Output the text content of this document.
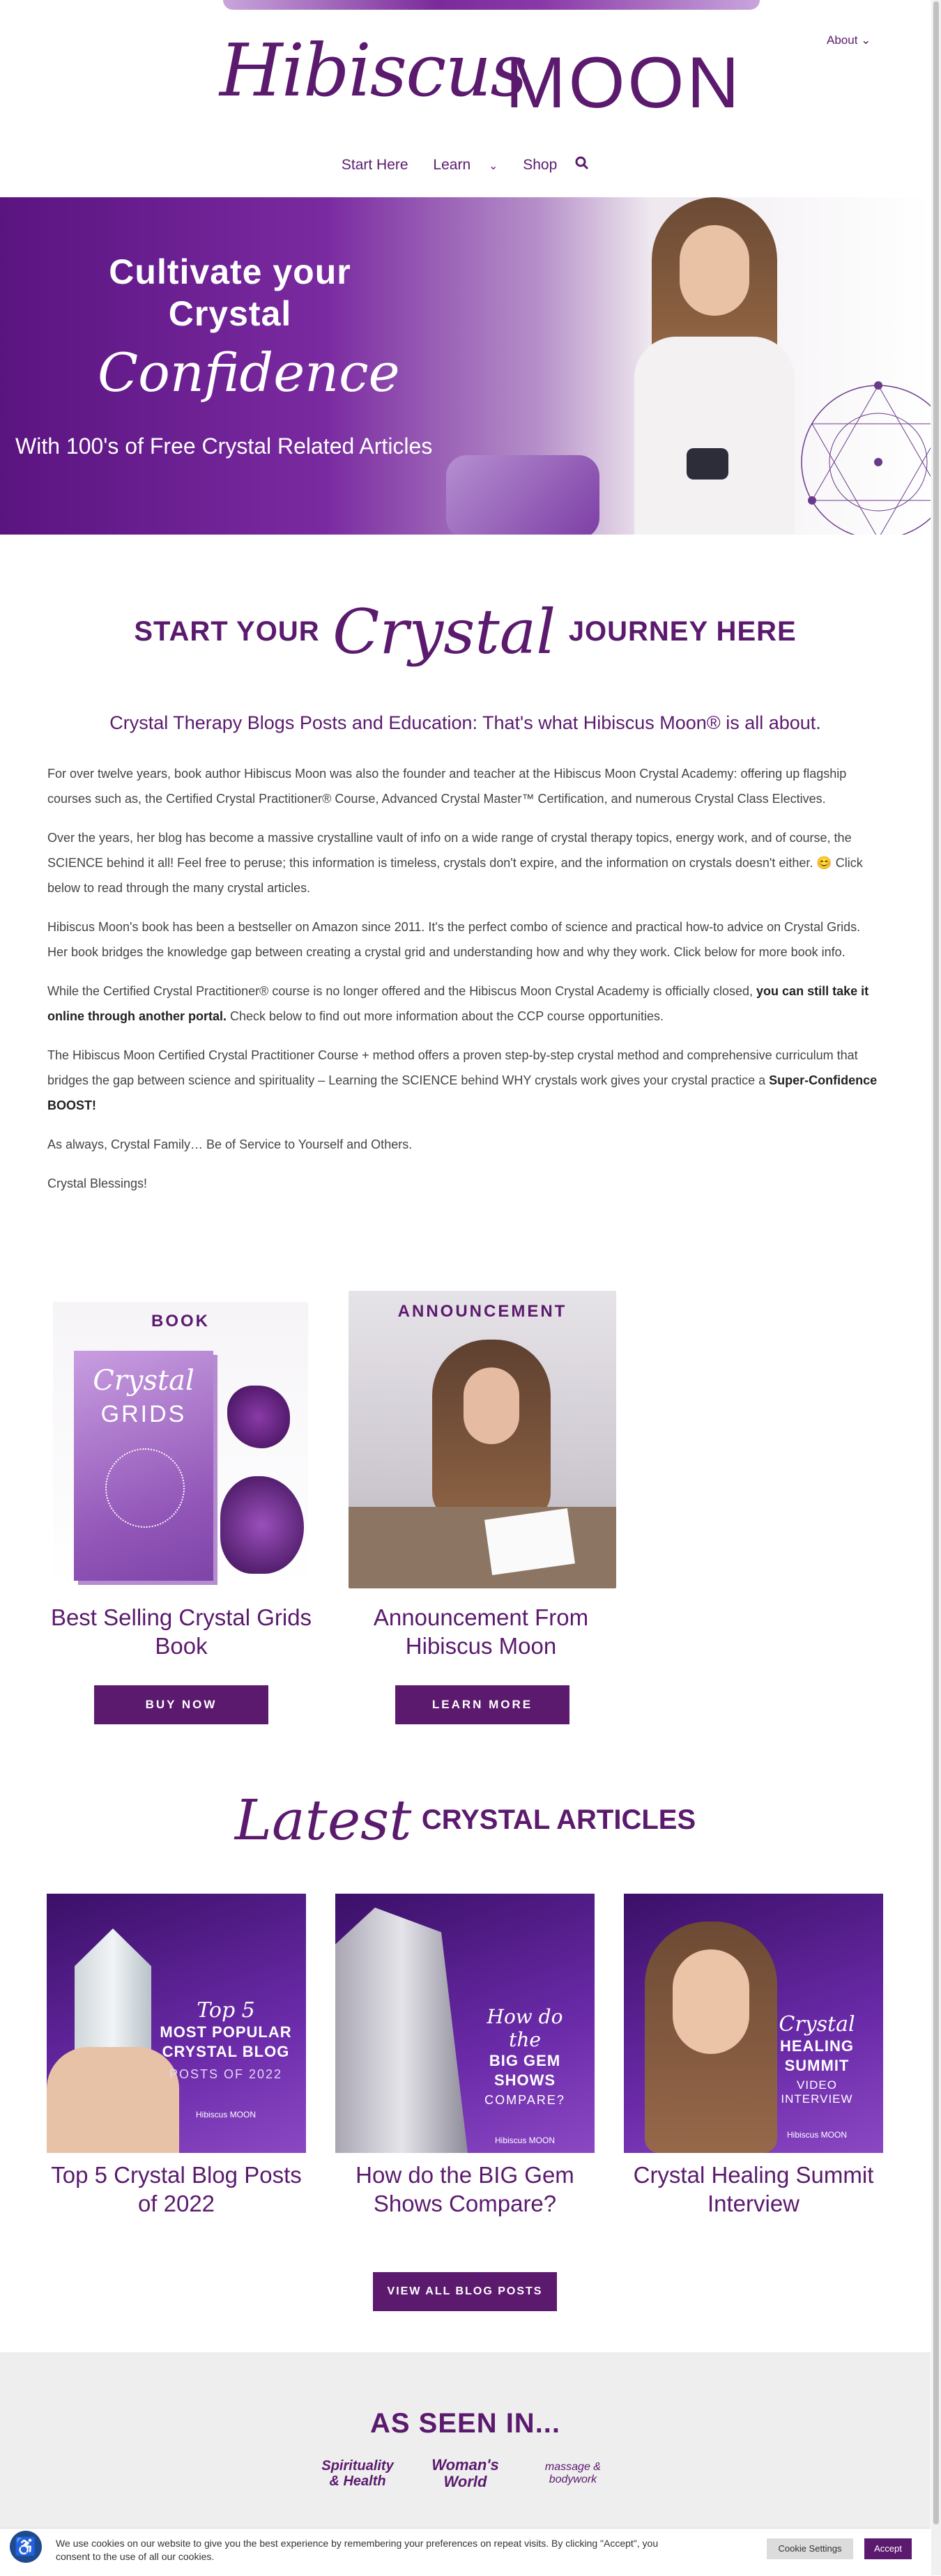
Hibiscus
MOON
About ⌄
Start Here Learn ⌄ Shop
Cultivate your
Crystal
Confidence
With 100's of Free Crystal Related Articles
START YOUR Crystal JOURNEY HERE
Crystal Therapy Blogs Posts and Education: That's what Hibiscus Moon® is all about.

For over twelve years, book author Hibiscus Moon was also the founder and teacher at the Hibiscus Moon Crystal Academy: offering up flagship courses such as, the Certified Crystal Practitioner® Course, Advanced Crystal Master™ Certification, and numerous Crystal Class Electives.

Over the years, her blog has become a massive crystalline vault of info on a wide range of crystal therapy topics, energy work, and of course, the SCIENCE behind it all! Feel free to peruse; this information is timeless, crystals don't expire, and the information on crystals doesn't either. 😊 Click below to read through the many crystal articles.

Hibiscus Moon's book has been a bestseller on Amazon since 2011. It's the perfect combo of science and practical how-to advice on Crystal Grids. Her book bridges the knowledge gap between creating a crystal grid and understanding how and why they work. Click below for more book info.

While the Certified Crystal Practitioner® course is no longer offered and the Hibiscus Moon Crystal Academy is officially closed, you can still take it online through another portal. Check below to find out more information about the CCP course opportunities.

The Hibiscus Moon Certified Crystal Practitioner Course + method offers a proven step-by-step crystal method and comprehensive curriculum that bridges the gap between science and spirituality – Learning the SCIENCE behind WHY crystals work gives your crystal practice a Super-Confidence BOOST!

As always, Crystal Family… Be of Service to Yourself and Others.

Crystal Blessings!

BOOK
Crystal
GRIDS
Best Selling Crystal Grids Book
BUY NOW
ANNOUNCEMENT
Announcement From Hibiscus Moon
LEARN MORE
Latest CRYSTAL ARTICLES
Top 5
MOST POPULAR CRYSTAL BLOG
POSTS OF 2022
Hibiscus MOON
Top 5 Crystal Blog Posts of 2022
How do the
BIG GEM SHOWS
COMPARE?
Hibiscus MOON
How do the BIG Gem Shows Compare?
Crystal
HEALING SUMMIT
VIDEO INTERVIEW
Hibiscus MOON
Crystal Healing Summit Interview
VIEW ALL BLOG POSTS
AS SEEN IN...
Spirituality & Health Woman's World massage & bodywork
♿	We use cookies on our website to give you the best experience by remembering your preferences on repeat visits. By clicking "Accept", you consent to the use of all our cookies.
Cookie Settings	Accept
